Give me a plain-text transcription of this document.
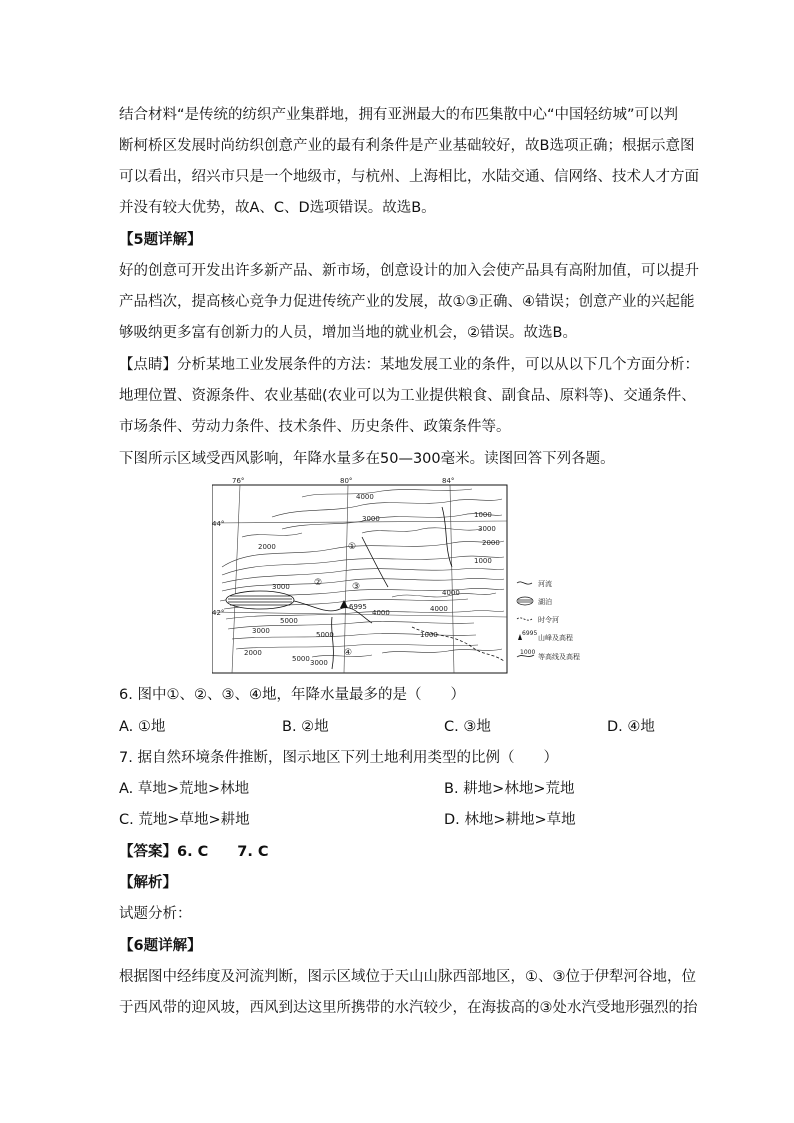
结合材料“是传统的纺织产业集群地，拥有亚洲最大的布匹集散中心“中国轻纺城”可以判
断柯桥区发展时尚纺织创意产业的最有利条件是产业基础较好，故B选项正确；根据示意图
可以看出，绍兴市只是一个地级市，与杭州、上海相比，水陆交通、信网络、技术人才方面
并没有较大优势，故A、C、D选项错误。故选B。
【5题详解】
好的创意可开发出许多新产品、新市场，创意设计的加入会使产品具有高附加值，可以提升
产品档次，提高核心竞争力促进传统产业的发展，故①③正确、④错误；创意产业的兴起能
够吸纳更多富有创新力的人员，增加当地的就业机会，②错误。故选B。
【点睛】分析某地工业发展条件的方法：某地发展工业的条件，可以从以下几个方面分析：
地理位置、资源条件、农业基础(农业可以为工业提供粮食、副食品、原料等)、交通条件、
市场条件、劳动力条件、技术条件、历史条件、政策条件等。
下图所示区域受西风影响，年降水量多在50—300毫米。读图回答下列各题。
76°	80°	84°
44°
42°
4000
3000
2000
3000
1000
4000
4000
5000
5000
3000
2000
5000 3000
4000
1000
3000
1000
2000
6995
①
②	③
④
河流
湖泊
时令河
6995
山峰及高程
1000
等高线及高程
6. 图中①、②、③、④地，年降水量最多的是（　　）
A. ①地	B. ②地	C. ③地	D. ④地
7. 据自然环境条件推断，图示地区下列土地利用类型的比例（　　）
A. 草地>荒地>林地	B. 耕地>林地>荒地
C. 荒地>草地>耕地	D. 林地>耕地>草地
【答案】6. C　　7. C
【解析】
试题分析：
【6题详解】
根据图中经纬度及河流判断，图示区域位于天山山脉西部地区，①、③位于伊犁河谷地，位
于西风带的迎风坡，西风到达这里所携带的水汽较少，在海拔高的③处水汽受地形强烈的抬
